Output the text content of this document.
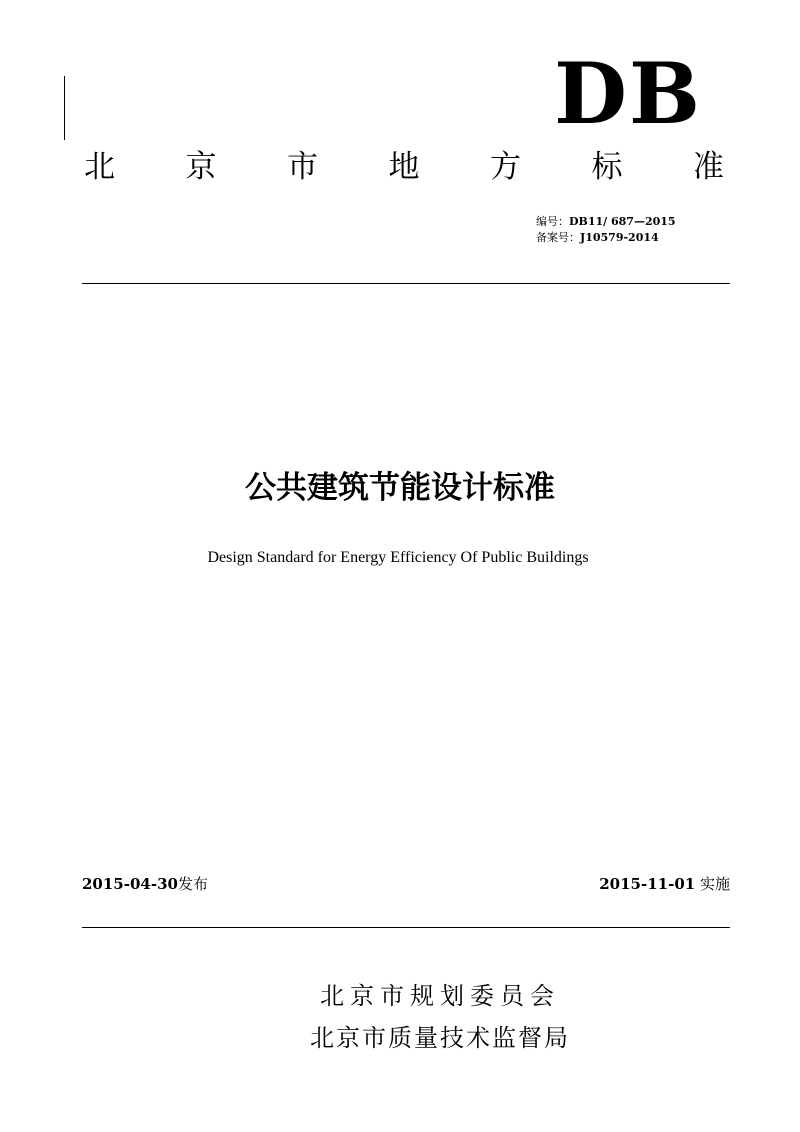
DB
北 京 市 地 方 标 准
编号：DB11/ 687—2015
备案号：J10579-2014
公共建筑节能设计标准
Design Standard for Energy Efficiency Of Public Buildings
2015-04-30发布	2015-11-01 实施
北京市规划委员会
北京市质量技术监督局
